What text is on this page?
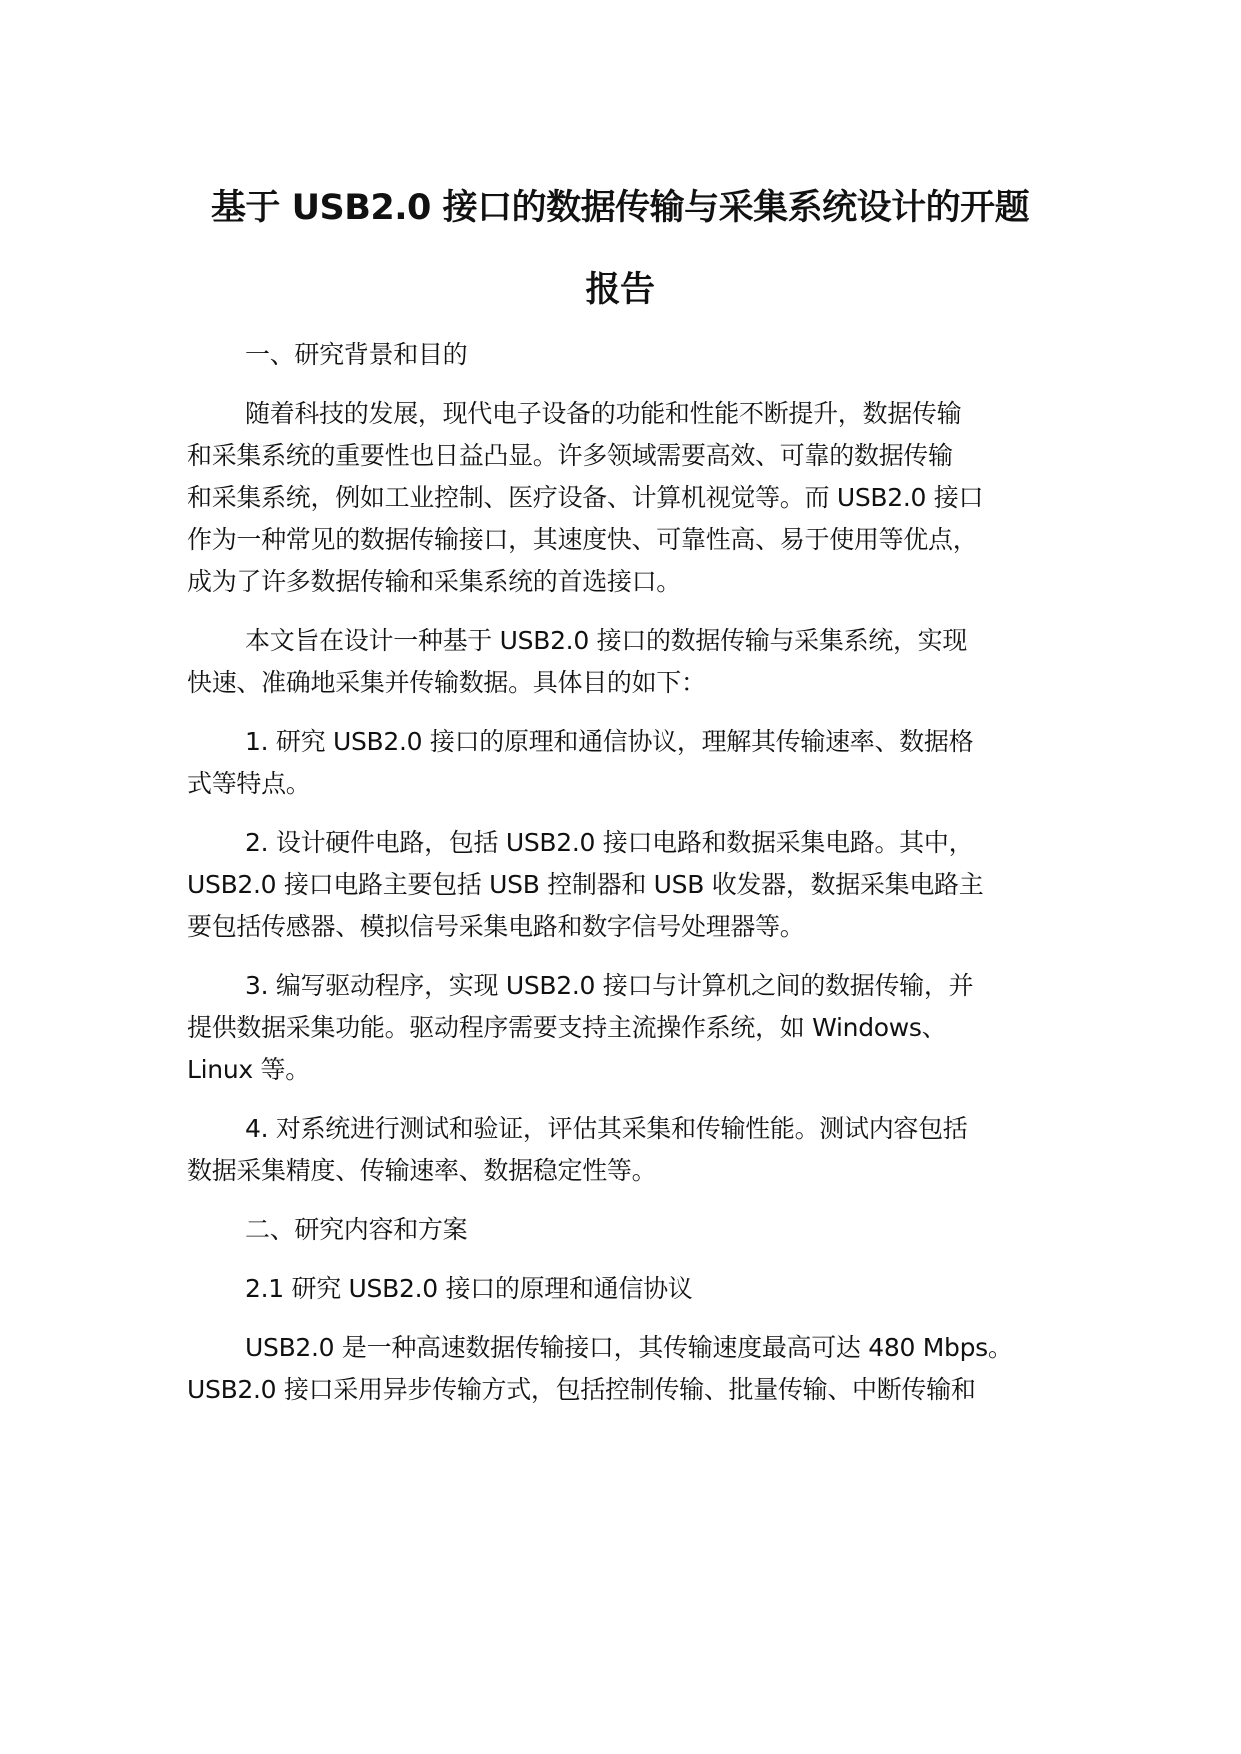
基于 USB2.0 接口的数据传输与采集系统设计的开题
报告
一、研究背景和目的
随着科技的发展，现代电子设备的功能和性能不断提升，数据传输
和采集系统的重要性也日益凸显。许多领域需要高效、可靠的数据传输
和采集系统，例如工业控制、医疗设备、计算机视觉等。而 USB2.0 接口
作为一种常见的数据传输接口，其速度快、可靠性高、易于使用等优点，
成为了许多数据传输和采集系统的首选接口。
本文旨在设计一种基于 USB2.0 接口的数据传输与采集系统，实现
快速、准确地采集并传输数据。具体目的如下：
1. 研究 USB2.0 接口的原理和通信协议，理解其传输速率、数据格
式等特点。
2. 设计硬件电路，包括 USB2.0 接口电路和数据采集电路。其中，
USB2.0 接口电路主要包括 USB 控制器和 USB 收发器，数据采集电路主
要包括传感器、模拟信号采集电路和数字信号处理器等。
3. 编写驱动程序，实现 USB2.0 接口与计算机之间的数据传输，并
提供数据采集功能。驱动程序需要支持主流操作系统，如 Windows、
Linux 等。
4. 对系统进行测试和验证，评估其采集和传输性能。测试内容包括
数据采集精度、传输速率、数据稳定性等。
二、研究内容和方案
2.1 研究 USB2.0 接口的原理和通信协议
USB2.0 是一种高速数据传输接口，其传输速度最高可达 480 Mbps。
USB2.0 接口采用异步传输方式，包括控制传输、批量传输、中断传输和
